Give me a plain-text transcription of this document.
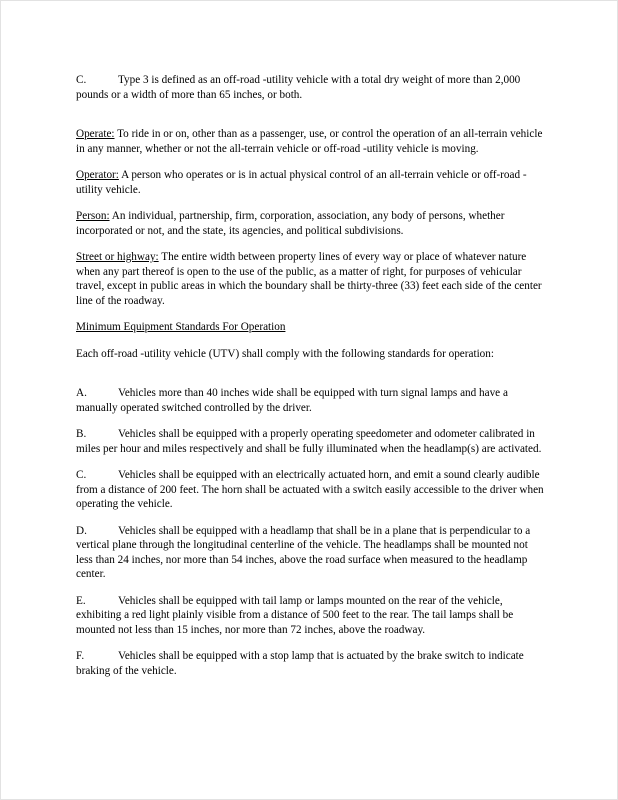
C.	Type 3 is defined as an off-road -utility vehicle with a total dry weight of more than 2,000 pounds or a width of more than 65 inches, or both.

Operate: To ride in or on, other than as a passenger, use, or control the operation of an all-terrain vehicle in any manner, whether or not the all-terrain vehicle or off-road -utility vehicle is moving.

Operator: A person who operates or is in actual physical control of an all-terrain vehicle or off-road -utility vehicle.

Person: An individual, partnership, firm, corporation, association, any body of persons, whether incorporated or not, and the state, its agencies, and political subdivisions.

Street or highway: The entire width between property lines of every way or place of whatever nature when any part thereof is open to the use of the public, as a matter of right, for purposes of vehicular travel, except in public areas in which the boundary shall be thirty-three (33) feet each side of the center line of the roadway.

Minimum Equipment Standards For Operation

Each off-road -utility vehicle (UTV) shall comply with the following standards for operation:

A.	Vehicles more than 40 inches wide shall be equipped with turn signal lamps and have a manually operated switched controlled by the driver.

B.	Vehicles shall be equipped with a properly operating speedometer and odometer calibrated in miles per hour and miles respectively and shall be fully illuminated when the headlamp(s) are activated.

C.	Vehicles shall be equipped with an electrically actuated horn, and emit a sound clearly audible from a distance of 200 feet. The horn shall be actuated with a switch easily accessible to the driver when operating the vehicle.

D.	Vehicles shall be equipped with a headlamp that shall be in a plane that is perpendicular to a vertical plane through the longitudinal centerline of the vehicle. The headlamps shall be mounted not less than 24 inches, nor more than 54 inches, above the road surface when measured to the headlamp center.

E.	Vehicles shall be equipped with tail lamp or lamps mounted on the rear of the vehicle, exhibiting a red light plainly visible from a distance of 500 feet to the rear. The tail lamps shall be mounted not less than 15 inches, nor more than 72 inches, above the roadway.

F.	Vehicles shall be equipped with a stop lamp that is actuated by the brake switch to indicate braking of the vehicle.
